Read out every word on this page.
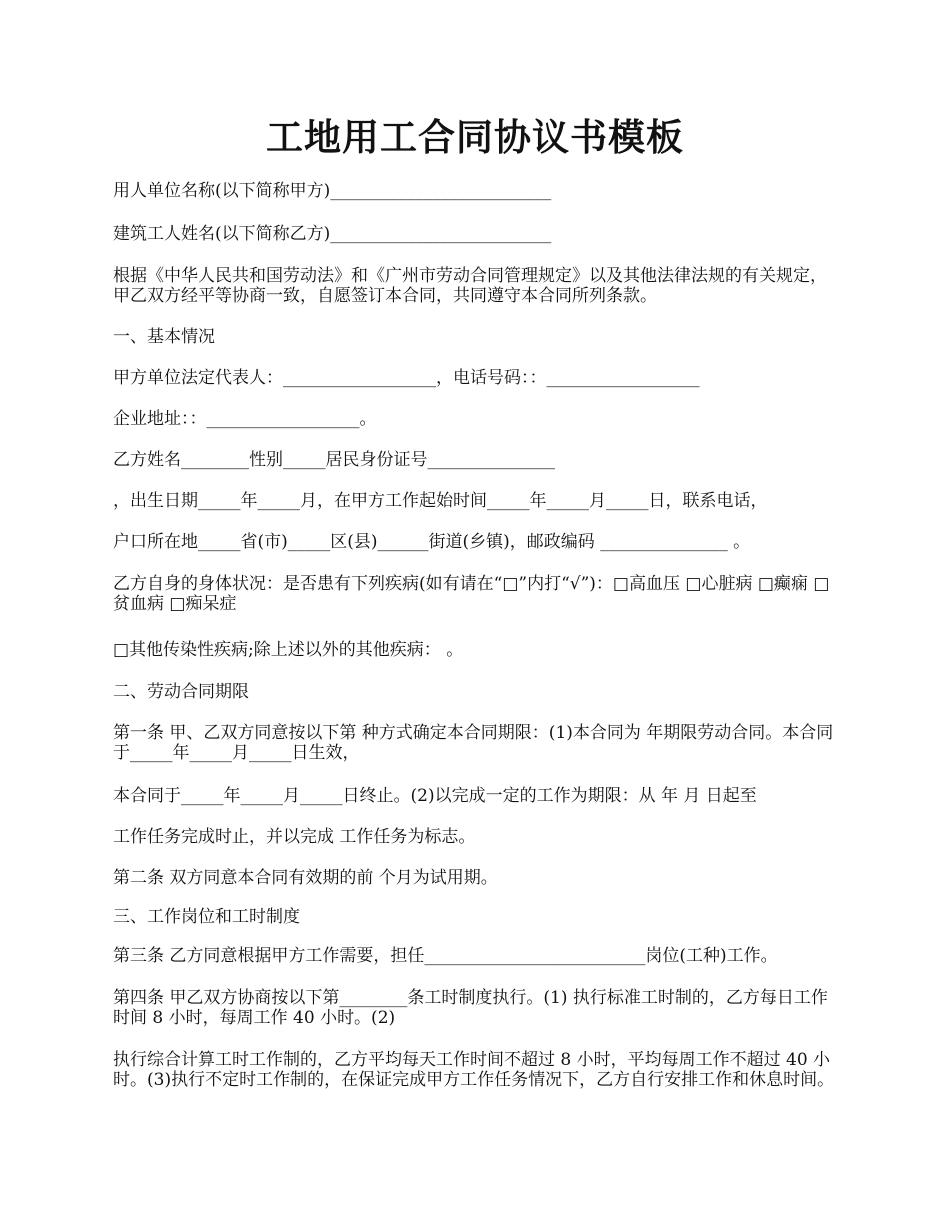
工地用工合同协议书模板
用人单位名称(以下简称甲方)__________________________
建筑工人姓名(以下简称乙方)__________________________
根据《中华人民共和国劳动法》和《广州市劳动合同管理规定》以及其他法律法规的有关规定，甲乙双方经平等协商一致，自愿签订本合同，共同遵守本合同所列条款。
一、基本情况
甲方单位法定代表人：__________________，电话号码：：__________________
企业地址：：__________________。
乙方姓名________性别_____居民身份证号_______________
，出生日期_____年_____月，在甲方工作起始时间_____年_____月_____日，联系电话，
户口所在地_____省(市)_____区(县)______街道(乡镇)，邮政编码 _______________ 。
乙方自身的身体状况：是否患有下列疾病(如有请在“□”内打“√”)：□高血压 □心脏病 □癫痫 □贫血病 □痴呆症
□其他传染性疾病;除上述以外的其他疾病： 。
二、劳动合同期限
第一条 甲、乙双方同意按以下第 种方式确定本合同期限：(1)本合同为 年期限劳动合同。本合同于_____年_____月_____日生效，
本合同于_____年_____月_____日终止。(2)以完成一定的工作为期限：从 年 月 日起至
工作任务完成时止，并以完成 工作任务为标志。
第二条 双方同意本合同有效期的前 个月为试用期。
三、工作岗位和工时制度
第三条 乙方同意根据甲方工作需要，担任__________________________岗位(工种)工作。
第四条 甲乙双方协商按以下第________条工时制度执行。(1) 执行标准工时制的，乙方每日工作时间 8 小时，每周工作 40 小时。(2)
执行综合计算工时工作制的，乙方平均每天工作时间不超过 8 小时，平均每周工作不超过 40 小时。(3)执行不定时工作制的，在保证完成甲方工作任务情况下，乙方自行安排工作和休息时间。
